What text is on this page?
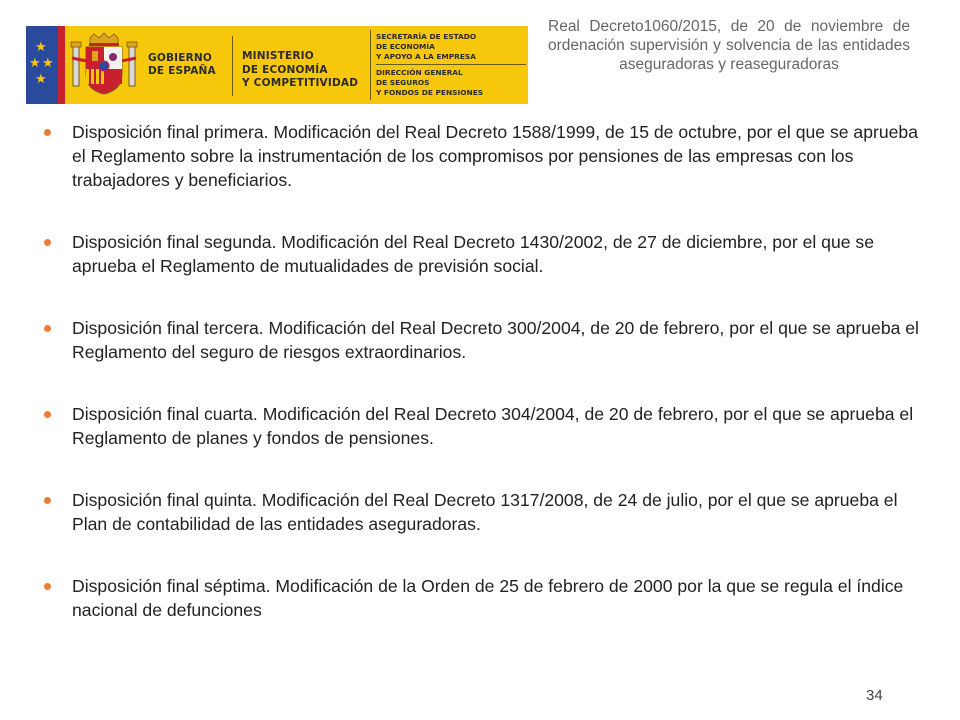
★
★ ★
★
GOBIERNO
DE ESPAÑA
MINISTERIO
DE ECONOMÍA
Y COMPETITIVIDAD
SECRETARÍA DE ESTADO
DE ECONOMÍA
Y APOYO A LA EMPRESA
DIRECCIÓN GENERAL
DE SEGUROS
Y FONDOS DE PENSIONES
Real Decreto1060/2015, de 20 de noviembre de ordenación supervisión y solvencia de las entidades aseguradoras y reaseguradoras
Disposición final primera. Modificación del Real Decreto 1588/1999, de 15 de octubre, por el que se aprueba el Reglamento sobre la instrumentación de los compromisos por pensiones de las empresas con los trabajadores y beneficiarios.
Disposición final segunda. Modificación del Real Decreto 1430/2002, de 27 de diciembre, por el que se aprueba el Reglamento de mutualidades de previsión social.
Disposición final tercera. Modificación del Real Decreto 300/2004, de 20 de febrero, por el que se aprueba el Reglamento del seguro de riesgos extraordinarios.
Disposición final cuarta. Modificación del Real Decreto 304/2004, de 20 de febrero, por el que se aprueba el Reglamento de planes y fondos de pensiones.
Disposición final quinta. Modificación del Real Decreto 1317/2008, de 24 de julio, por el que se aprueba el Plan de contabilidad de las entidades aseguradoras.
Disposición final séptima. Modificación de la Orden de 25 de febrero de 2000 por la que se regula el índice nacional de defunciones
34
